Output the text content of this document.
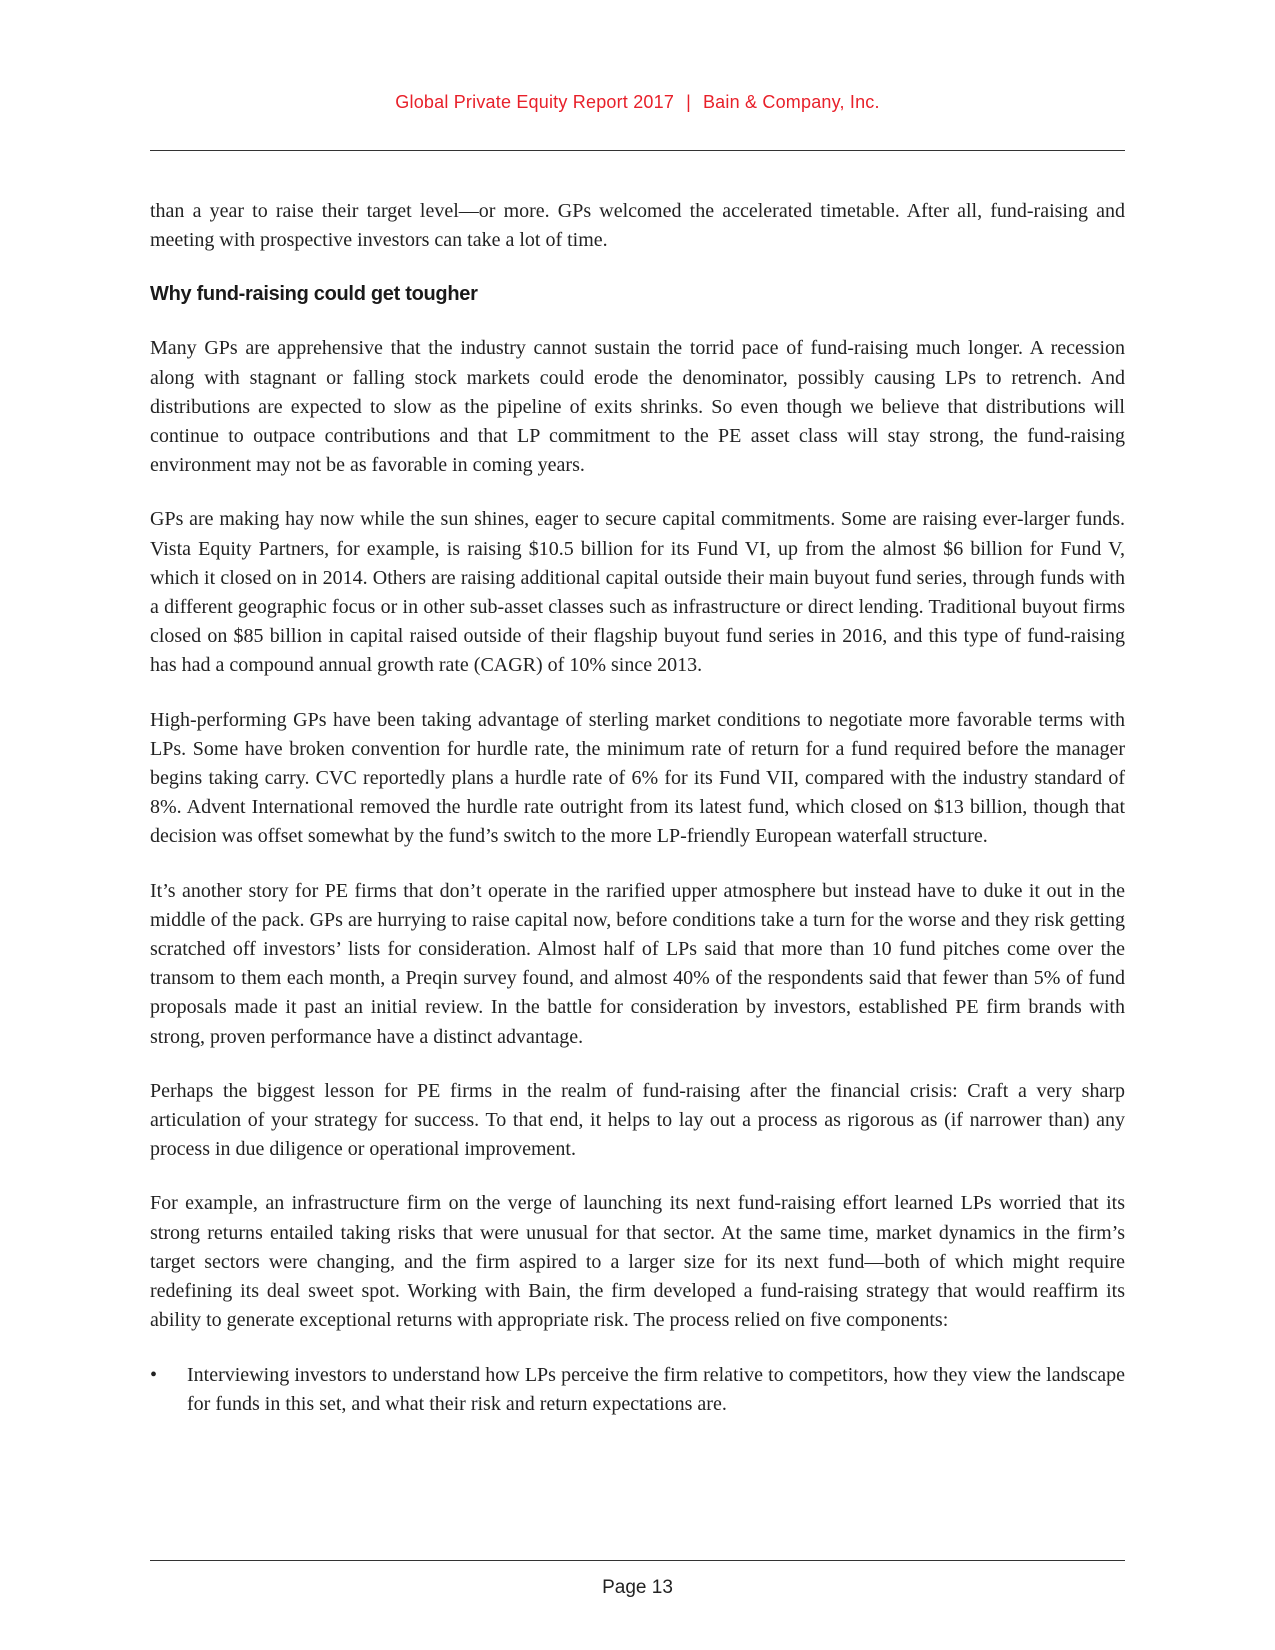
Global Private Equity Report 2017 | Bain & Company, Inc.

than a year to raise their target level—or more. GPs welcomed the accelerated timetable. After all, fund-raising and meeting with prospective investors can take a lot of time.

Why fund-raising could get tougher

Many GPs are apprehensive that the industry cannot sustain the torrid pace of fund-raising much longer. A recession along with stagnant or falling stock markets could erode the denominator, possibly causing LPs to retrench. And distributions are expected to slow as the pipeline of exits shrinks. So even though we believe that distributions will continue to outpace contributions and that LP commitment to the PE asset class will stay strong, the fund-raising environment may not be as favorable in coming years.

GPs are making hay now while the sun shines, eager to secure capital commitments. Some are raising ever-larger funds. Vista Equity Partners, for example, is raising $10.5 billion for its Fund VI, up from the almost $6 billion for Fund V, which it closed on in 2014. Others are raising additional capital outside their main buyout fund series, through funds with a different geographic focus or in other sub-asset classes such as infrastructure or direct lending. Traditional buyout firms closed on $85 billion in capital raised outside of their flagship buyout fund series in 2016, and this type of fund-raising has had a compound annual growth rate (CAGR) of 10% since 2013.

High-performing GPs have been taking advantage of sterling market conditions to negotiate more favorable terms with LPs. Some have broken convention for hurdle rate, the minimum rate of return for a fund required before the manager begins taking carry. CVC reportedly plans a hurdle rate of 6% for its Fund VII, compared with the industry standard of 8%. Advent International removed the hurdle rate outright from its latest fund, which closed on $13 billion, though that decision was offset somewhat by the fund’s switch to the more LP-friendly European waterfall structure.

It’s another story for PE firms that don’t operate in the rarified upper atmosphere but instead have to duke it out in the middle of the pack. GPs are hurrying to raise capital now, before conditions take a turn for the worse and they risk getting scratched off investors’ lists for consideration. Almost half of LPs said that more than 10 fund pitches come over the transom to them each month, a Preqin survey found, and almost 40% of the respondents said that fewer than 5% of fund proposals made it past an initial review. In the battle for consideration by investors, established PE firm brands with strong, proven performance have a distinct advantage.

Perhaps the biggest lesson for PE firms in the realm of fund-raising after the financial crisis: Craft a very sharp articulation of your strategy for success. To that end, it helps to lay out a process as rigorous as (if narrower than) any process in due diligence or operational improvement.

For example, an infrastructure firm on the verge of launching its next fund-raising effort learned LPs worried that its strong returns entailed taking risks that were unusual for that sector. At the same time, market dynamics in the firm’s target sectors were changing, and the firm aspired to a larger size for its next fund—both of which might require redefining its deal sweet spot. Working with Bain, the firm developed a fund-raising strategy that would reaffirm its ability to generate exceptional returns with appropriate risk. The process relied on five components:

• Interviewing investors to understand how LPs perceive the firm relative to competitors, how they view the landscape for funds in this set, and what their risk and return expectations are.
Page 13
